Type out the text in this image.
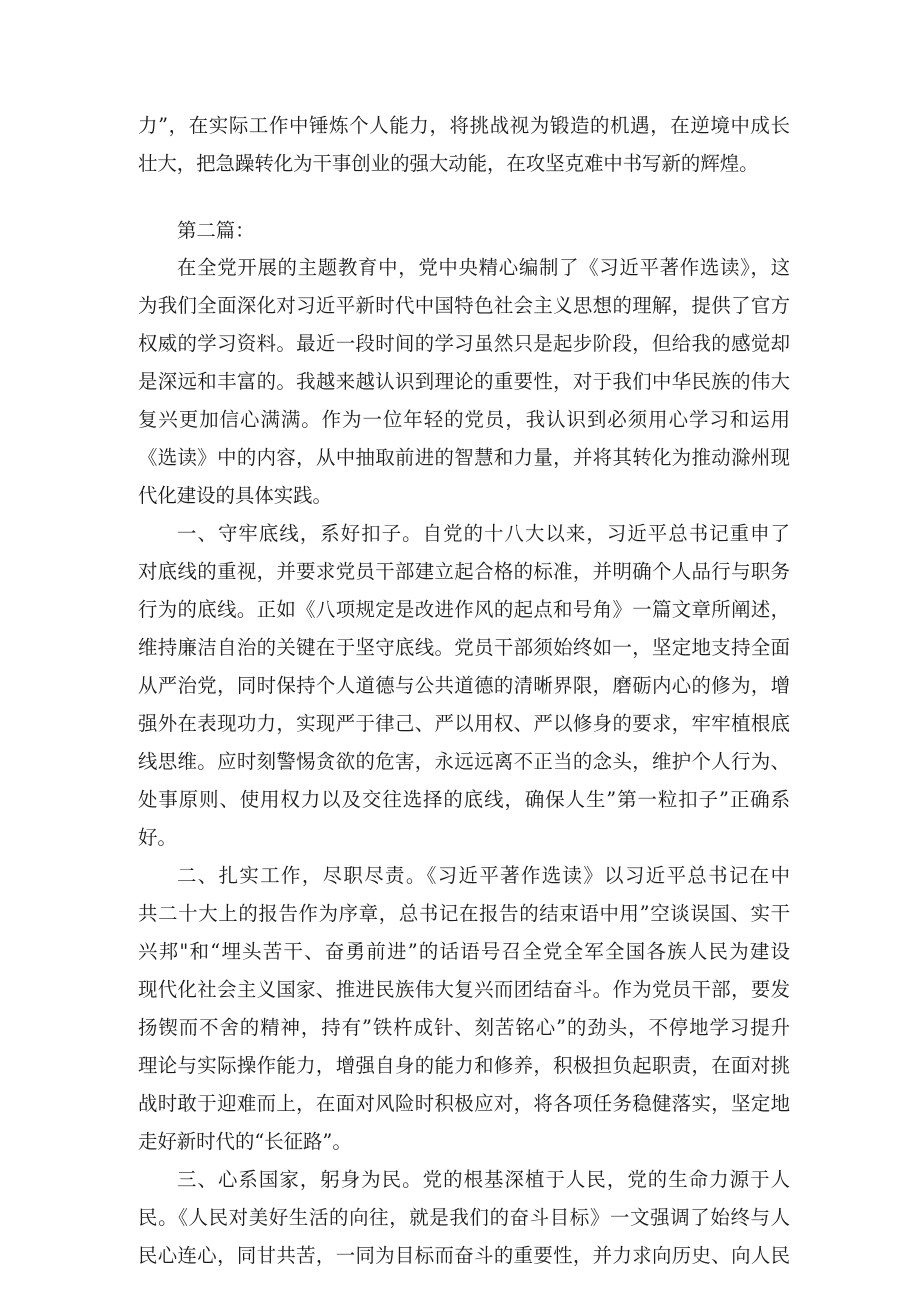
力”，在实际工作中锤炼个人能力，将挑战视为锻造的机遇，在逆境中成长
壮大，把急躁转化为干事创业的强大动能，在攻坚克难中书写新的辉煌。
第二篇：
在全党开展的主题教育中，党中央精心编制了《习近平著作选读》，这
为我们全面深化对习近平新时代中国特色社会主义思想的理解，提供了官方
权威的学习资料。最近一段时间的学习虽然只是起步阶段，但给我的感觉却
是深远和丰富的。我越来越认识到理论的重要性，对于我们中华民族的伟大
复兴更加信心满满。作为一位年轻的党员，我认识到必须用心学习和运用
《选读》中的内容，从中抽取前进的智慧和力量，并将其转化为推动滁州现
代化建设的具体实践。
一、守牢底线，系好扣子。自党的十八大以来，习近平总书记重申了
对底线的重视，并要求党员干部建立起合格的标准，并明确个人品行与职务
行为的底线。正如《八项规定是改进作风的起点和号角》一篇文章所阐述，
维持廉洁自治的关键在于坚守底线。党员干部须始终如一，坚定地支持全面
从严治党，同时保持个人道德与公共道德的清晰界限，磨砺内心的修为，增
强外在表现功力，实现严于律己、严以用权、严以修身的要求，牢牢植根底
线思维。应时刻警惕贪欲的危害，永远远离不正当的念头，维护个人行为、
处事原则、使用权力以及交往选择的底线，确保人生”第一粒扣子”正确系
好。
二、扎实工作，尽职尽责。《习近平著作选读》以习近平总书记在中
共二十大上的报告作为序章，总书记在报告的结束语中用”空谈误国、实干
兴邦"和“埋头苦干、奋勇前进”的话语号召全党全军全国各族人民为建设
现代化社会主义国家、推进民族伟大复兴而团结奋斗。作为党员干部，要发
扬锲而不舍的精神，持有”铁杵成针、刻苦铭心”的劲头，不停地学习提升
理论与实际操作能力，增强自身的能力和修养，积极担负起职责，在面对挑
战时敢于迎难而上，在面对风险时积极应对，将各项任务稳健落实，坚定地
走好新时代的“长征路”。
三、心系国家，躬身为民。党的根基深植于人民，党的生命力源于人
民。《人民对美好生活的向往，就是我们的奋斗目标》一文强调了始终与人
民心连心，同甘共苦，一同为目标而奋斗的重要性，并力求向历史、向人民
